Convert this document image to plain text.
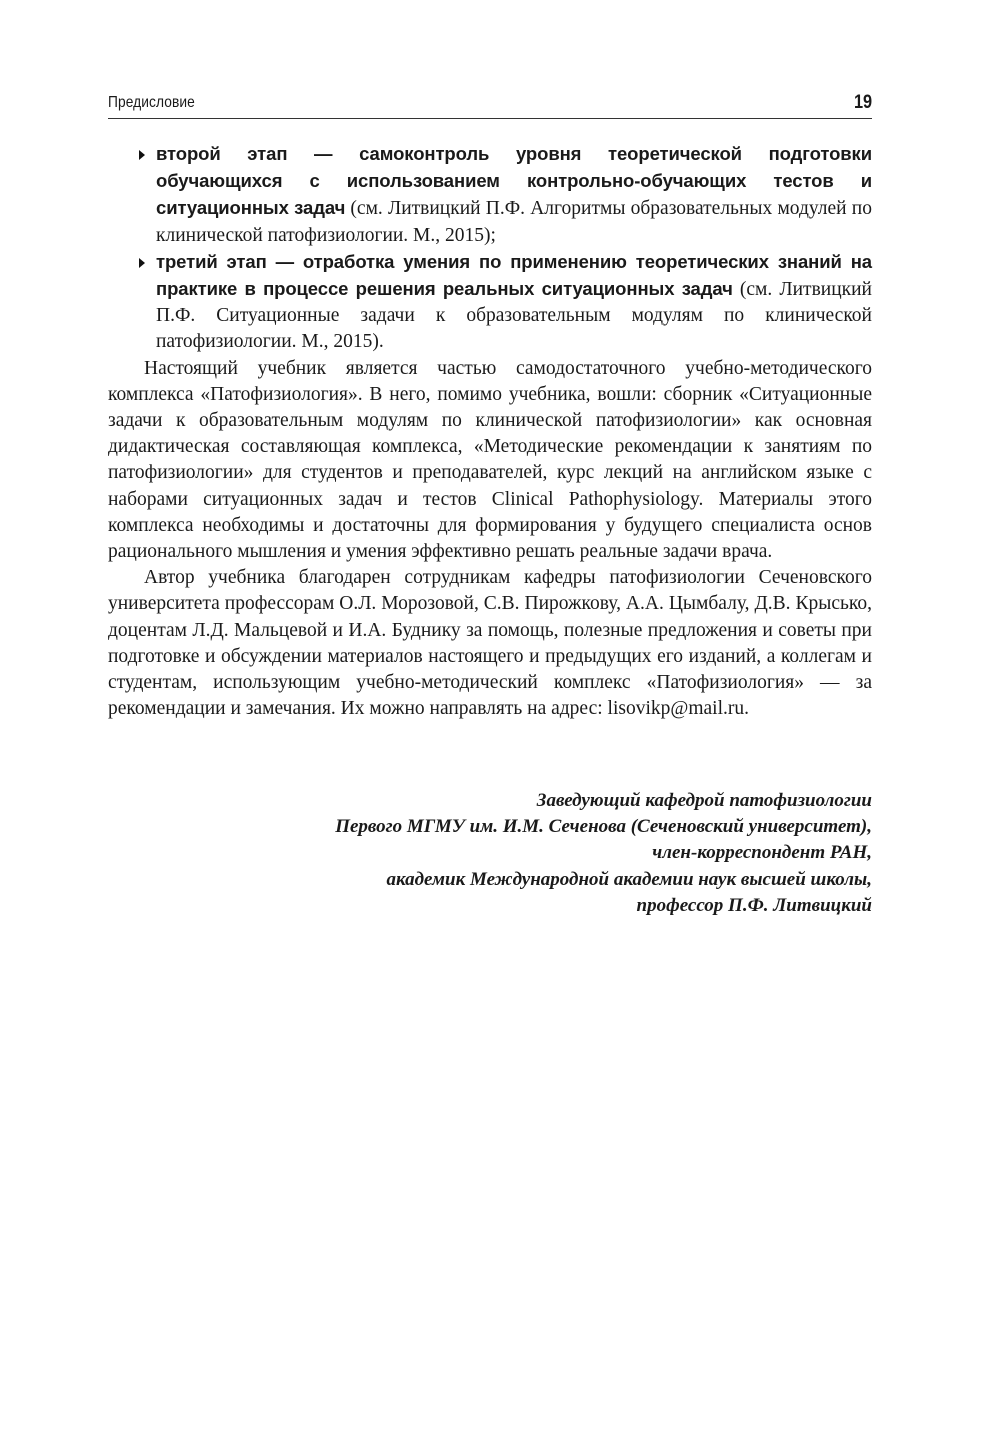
Предисловие	19
второй этап — самоконтроль уровня теоретической подготовки обучающихся с использованием контрольно-обучающих тестов и ситуационных задач (см. Литвицкий П.Ф. Алгоритмы образовательных модулей по клинической патофизиологии. М., 2015);
третий этап — отработка умения по применению теоретических знаний на практике в процессе решения реальных ситуационных задач (см. Литвицкий П.Ф. Ситуационные задачи к образовательным модулям по клинической патофизиологии. М., 2015).

Настоящий учебник является частью самодостаточного учебно-методического комплекса «Патофизиология». В него, помимо учебника, вошли: сборник «Ситуационные задачи к образовательным модулям по клинической патофизиологии» как основная дидактическая составляющая комплекса, «Методические рекомендации к занятиям по патофизиологии» для студентов и преподавателей, курс лекций на английском языке с наборами ситуационных задач и тестов Clinical Pathophysiology. Материалы этого комплекса необходимы и достаточны для формирования у будущего специалиста основ рационального мышления и умения эффективно решать реальные задачи врача.

Автор учебника благодарен сотрудникам кафедры патофизиологии Сеченовского университета профессорам О.Л. Морозовой, С.В. Пирожкову, А.А. Цымбалу, Д.В. Крысько, доцентам Л.Д. Мальцевой и И.А. Буднику за помощь, полезные предложения и советы при подготовке и обсуждении материалов настоящего и предыдущих его изданий, а коллегам и студентам, использующим учебно-методический комплекс «Патофизиология» — за рекомендации и замечания. Их можно направлять на адрес: lisovikp@mail.ru.

Заведующий кафедрой патофизиологии
Первого МГМУ им. И.М. Сеченова (Сеченовский университет),
член-корреспондент РАН,
академик Международной академии наук высшей школы,
профессор П.Ф. Литвицкий
